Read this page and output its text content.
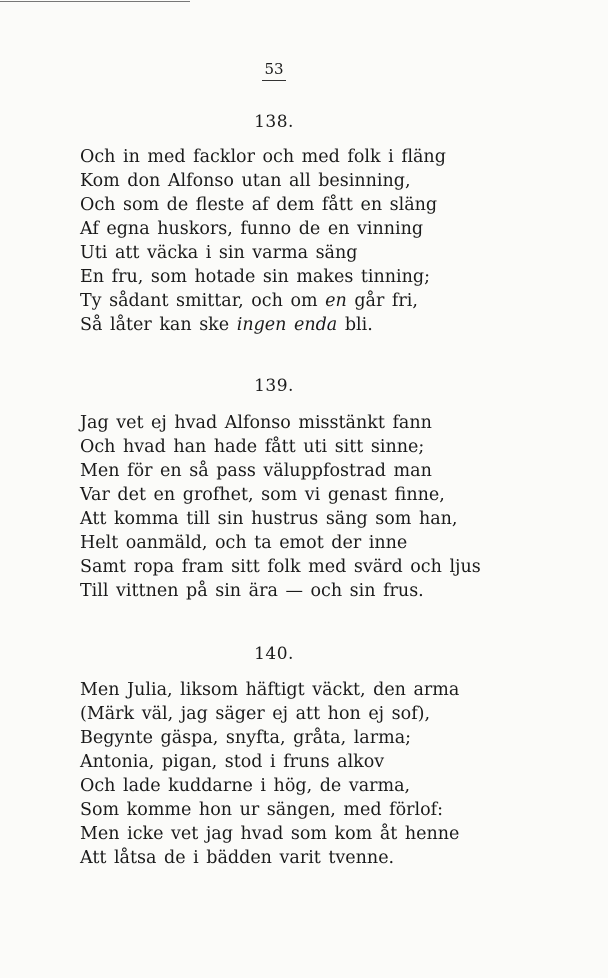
53
138.
Och in med facklor och med folk i fläng
Kom don Alfonso utan all besinning,
Och som de fleste af dem fått en släng
Af egna huskors, funno de en vinning
Uti att väcka i sin varma säng
En fru, som hotade sin makes tinning;
Ty sådant smittar, och om en går fri,
Så låter kan ske ingen enda bli.
139.
Jag vet ej hvad Alfonso misstänkt fann
Och hvad han hade fått uti sitt sinne;
Men för en så pass väluppfostrad man
Var det en grofhet, som vi genast finne,
Att komma till sin hustrus säng som han,
Helt oanmäld, och ta emot der inne
Samt ropa fram sitt folk med svärd och ljus
Till vittnen på sin ära — och sin frus.
140.
Men Julia, liksom häftigt väckt, den arma
(Märk väl, jag säger ej att hon ej sof),
Begynte gäspa, snyfta, gråta, larma;
Antonia, pigan, stod i fruns alkov
Och lade kuddarne i hög, de varma,
Som komme hon ur sängen, med förlof:
Men icke vet jag hvad som kom åt henne
Att låtsa de i bädden varit tvenne.
